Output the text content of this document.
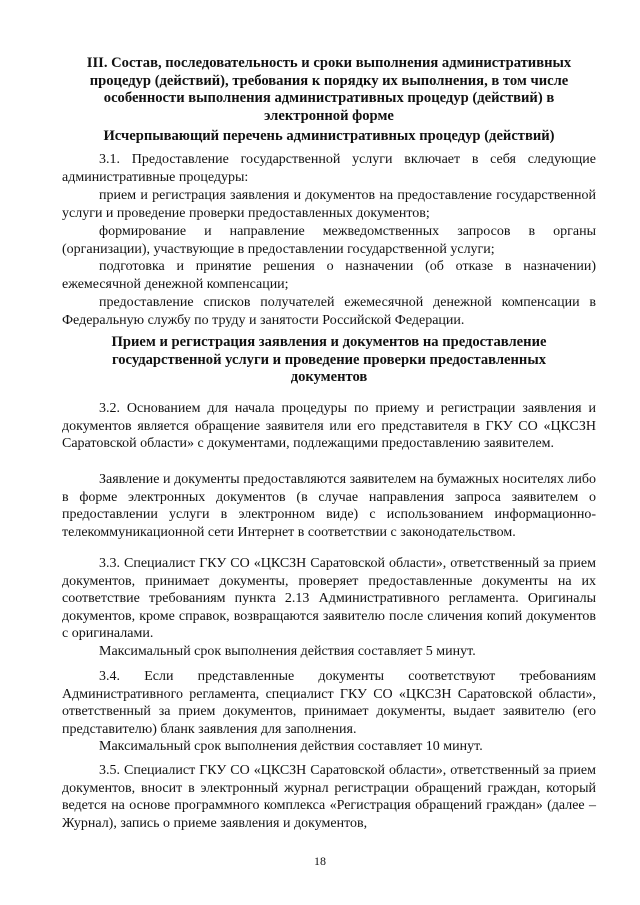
III. Состав, последовательность и сроки выполнения административных процедур (действий), требования к порядку их выполнения, в том числе особенности выполнения административных процедур (действий) в электронной форме
Исчерпывающий перечень административных процедур (действий)
3.1. Предоставление государственной услуги включает в себя следующие административные процедуры:
прием и регистрация заявления и документов на предоставление государственной услуги и проведение проверки предоставленных документов;
формирование и направление межведомственных запросов в органы (организации), участвующие в предоставлении государственной услуги;
подготовка и принятие решения о назначении (об отказе в назначении) ежемесячной денежной компенсации;
предоставление списков получателей ежемесячной денежной компенсации в Федеральную службу по труду и занятости Российской Федерации.
Прием и регистрация заявления и документов на предоставление государственной услуги и проведение проверки предоставленных документов
3.2. Основанием для начала процедуры по приему и регистрации заявления и документов является обращение заявителя или его представителя в ГКУ СО «ЦКСЗН Саратовской области» с документами, подлежащими предоставлению заявителем.
Заявление и документы предоставляются заявителем на бумажных носителях либо в форме электронных документов (в случае направления запроса заявителем о предоставлении услуги в электронном виде) с использованием информационно-телекоммуникационной сети Интернет в соответствии с законодательством.
3.3. Специалист ГКУ СО «ЦКСЗН Саратовской области», ответственный за прием документов, принимает документы, проверяет предоставленные документы на их соответствие требованиям пункта 2.13 Административного регламента. Оригиналы документов, кроме справок, возвращаются заявителю после сличения копий документов с оригиналами.
Максимальный срок выполнения действия составляет 5 минут.
3.4. Если представленные документы соответствуют требованиям Административного регламента, специалист ГКУ СО «ЦКСЗН Саратовской области», ответственный за прием документов, принимает документы, выдает заявителю (его представителю) бланк заявления для заполнения.
Максимальный срок выполнения действия составляет 10 минут.
3.5. Специалист ГКУ СО «ЦКСЗН Саратовской области», ответственный за прием документов, вносит в электронный журнал регистрации обращений граждан, который ведется на основе программного комплекса «Регистрация обращений граждан» (далее – Журнал), запись о приеме заявления и документов,
18
